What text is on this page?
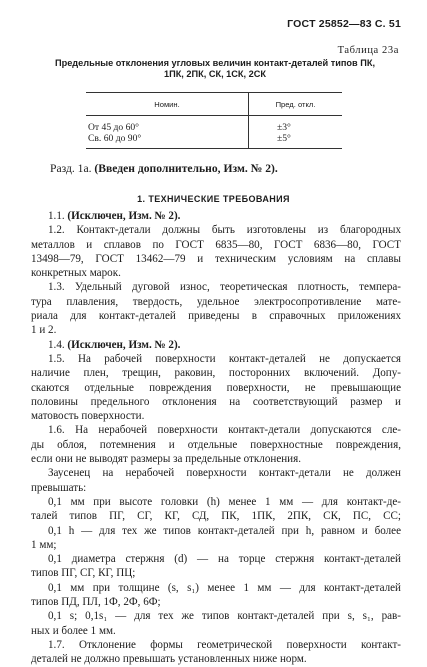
ГОСТ 25852—83 С. 51
Таблица 23а
Предельные отклонения угловых величин контакт-деталей типов ПК,
1ПК, 2ПК, СК, 1СК, 2СК
Номин.	Пред. откл.
От 45 до 60°	±3°
Св. 60 до 90°	±5°
Разд. 1а. (Введен дополнительно, Изм. № 2).
1. ТЕХНИЧЕСКИЕ ТРЕБОВАНИЯ
1.1. (Исключен, Изм. № 2).
1.2. Контакт-детали должны быть изготовлены из благородных
металлов и сплавов по ГОСТ 6835—80, ГОСТ 6836—80, ГОСТ
13498—79, ГОСТ 13462—79 и техническим условиям на сплавы
конкретных марок.
1.3. Удельный дуговой износ, теоретическая плотность, темпера-
тура плавления, твердость, удельное электросопротивление мате-
риала для контакт-деталей приведены в справочных приложениях
1 и 2.
1.4. (Исключен, Изм. № 2).
1.5. На рабочей поверхности контакт-деталей не допускается
наличие плен, трещин, раковин, посторонних включений. Допу-
скаются отдельные повреждения поверхности, не превышающие
половины предельного отклонения на соответствующий размер и
матовость поверхности.
1.6. На нерабочей поверхности контакт-детали допускаются сле-
ды облоя, потемнения и отдельные поверхностные повреждения,
если они не выводят размеры за предельные отклонения.
Заусенец на нерабочей поверхности контакт-детали не должен
превышать:
0,1 мм при высоте головки (h) менее 1 мм — для контакт-де-
талей типов ПГ, СГ, КГ, СД, ПК, 1ПК, 2ПК, СК, ПС, СС;
0,1 h — для тех же типов контакт-деталей при h, равном и более
1 мм;
0,1 диаметра стержня (d) — на торце стержня контакт-деталей
типов ПГ, СГ, КГ, ПЦ;
0,1 мм при толщине (s, s₁) менее 1 мм — для контакт-деталей
типов ПД, ПЛ, 1Ф, 2Ф, 6Ф;
0,1 s; 0,1s₁ — для тех же типов контакт-деталей при s, s₁, рав-
ных и более 1 мм.
1.7. Отклонение формы геометрической поверхности контакт-
деталей не должно превышать установленных ниже норм.
